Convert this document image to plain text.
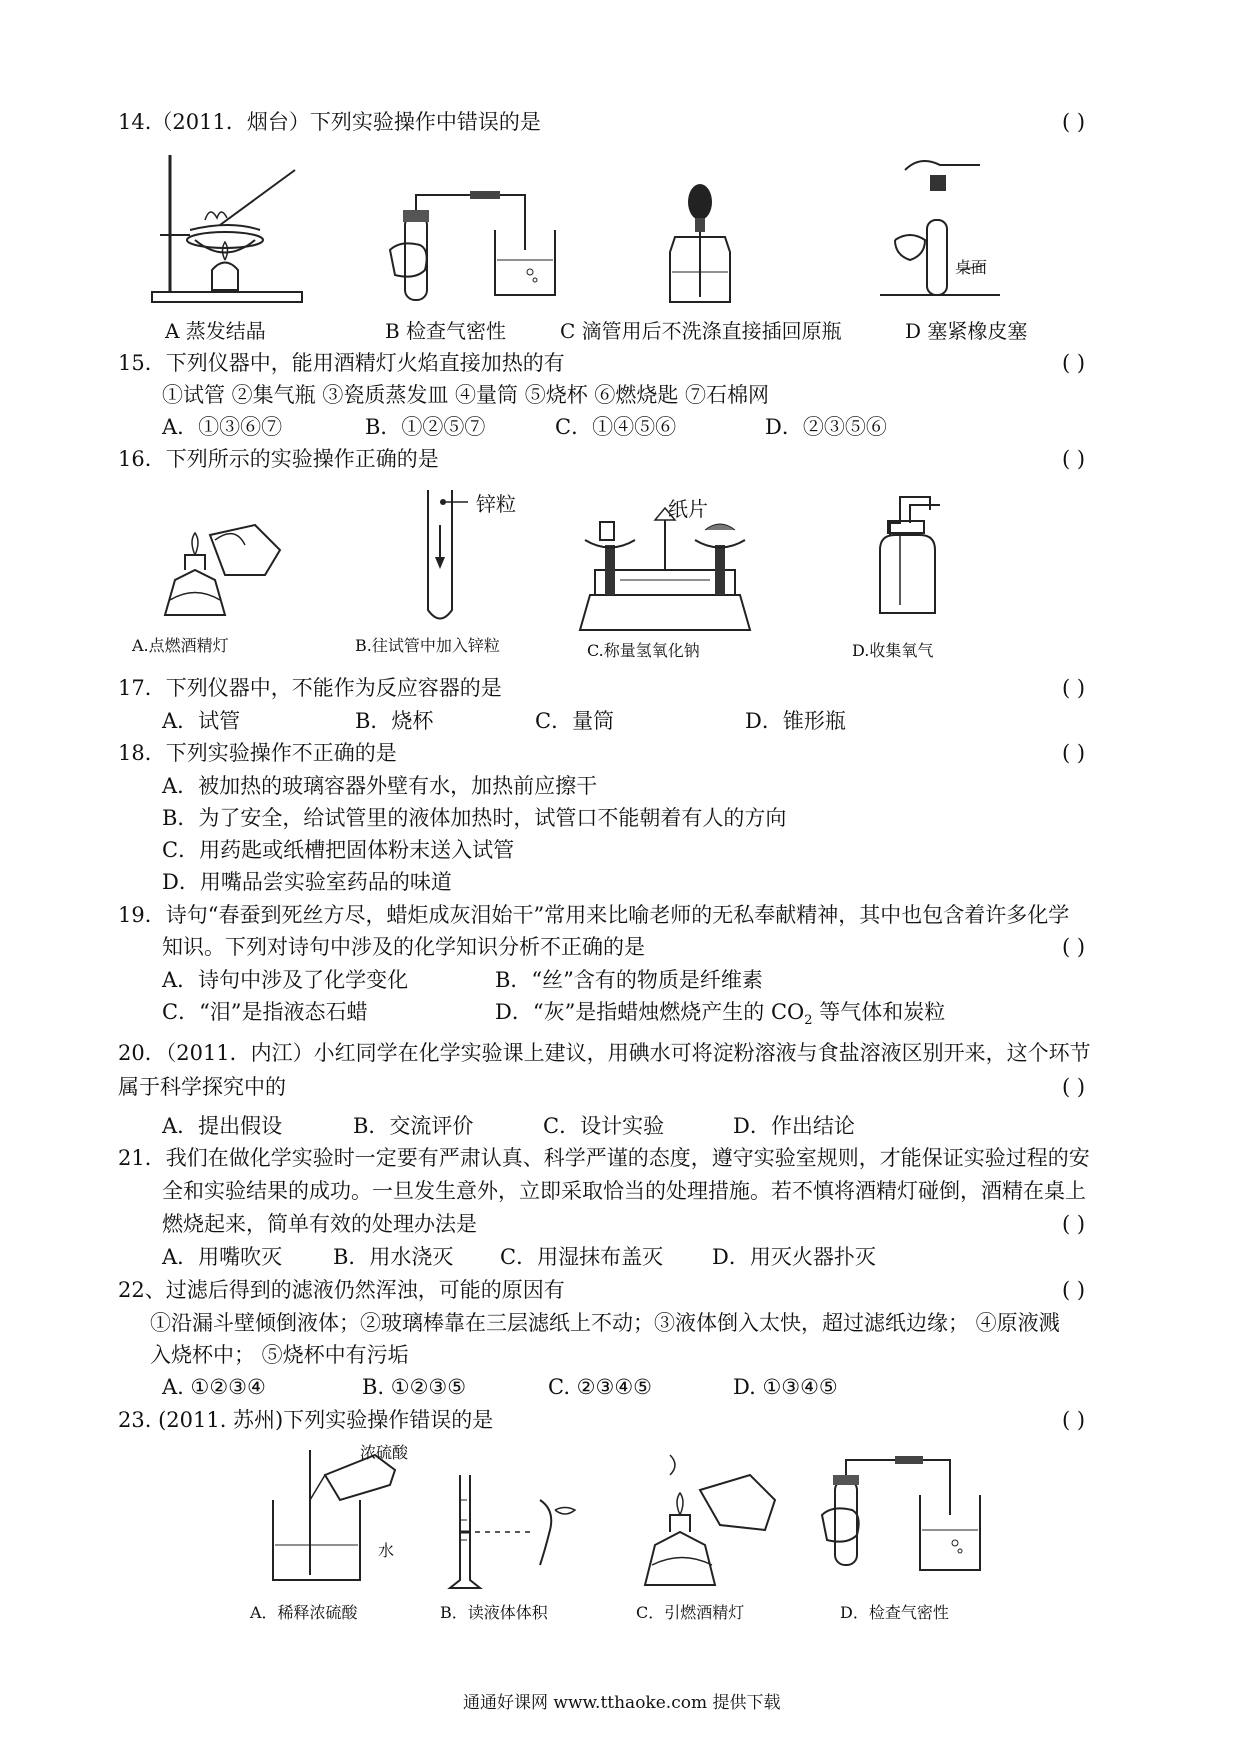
14.（2011．烟台）下列实验操作中错误的是	( )
桌面
A 蒸发结晶	B 检查气密性	C 滴管用后不洗涤直接插回原瓶	D 塞紧橡皮塞
15．下列仪器中，能用酒精灯火焰直接加热的有	( )
①试管 ②集气瓶 ③瓷质蒸发皿 ④量筒 ⑤烧杯 ⑥燃烧匙 ⑦石棉网
A．①③⑥⑦	B．①②⑤⑦	C．①④⑤⑥	D．②③⑤⑥
16．下列所示的实验操作正确的是	( )
锌粒	纸片
A.点燃酒精灯	B.往试管中加入锌粒	C.称量氢氧化钠	D.收集氧气
17．下列仪器中，不能作为反应容器的是	( )
A．试管	B．烧杯	C．量筒	D．锥形瓶
18．下列实验操作不正确的是	( )
A．被加热的玻璃容器外壁有水，加热前应擦干
B．为了安全，给试管里的液体加热时，试管口不能朝着有人的方向
C．用药匙或纸槽把固体粉末送入试管
D．用嘴品尝实验室药品的味道
19．诗句“春蚕到死丝方尽，蜡炬成灰泪始干”常用来比喻老师的无私奉献精神，其中也包含着许多化学
知识。下列对诗句中涉及的化学知识分析不正确的是	( )
A．诗句中涉及了化学变化	B．“丝”含有的物质是纤维素
C．“泪”是指液态石蜡	D．“灰”是指蜡烛燃烧产生的 $CO_2$ 等气体和炭粒
20．（2011．内江）小红同学在化学实验课上建议，用碘水可将淀粉溶液与食盐溶液区别开来，这个环节
属于科学探究中的	( )
A．提出假设	B．交流评价	C．设计实验	D．作出结论
21．我们在做化学实验时一定要有严肃认真、科学严谨的态度，遵守实验室规则，才能保证实验过程的安
全和实验结果的成功。一旦发生意外，立即采取恰当的处理措施。若不慎将酒精灯碰倒，酒精在桌上
燃烧起来，简单有效的处理办法是	( )
A．用嘴吹灭 B．用水浇灭 C．用湿抹布盖灭 D．用灭火器扑灭
22、过滤后得到的滤液仍然浑浊，可能的原因有	( )
①沿漏斗壁倾倒液体；②玻璃棒靠在三层滤纸上不动；③液体倒入太快，超过滤纸边缘； ④原液溅
入烧杯中； ⑤烧杯中有污垢
A. ①②③④	B. ①②③⑤	C. ②③④⑤	D. ①③④⑤
23. (2011. 苏州)下列实验操作错误的是	( )
浓硫酸
水
A．稀释浓硫酸	B．读液体体积	C．引燃酒精灯	D．检查气密性
通通好课网 www.tthaoke.com 提供下载
